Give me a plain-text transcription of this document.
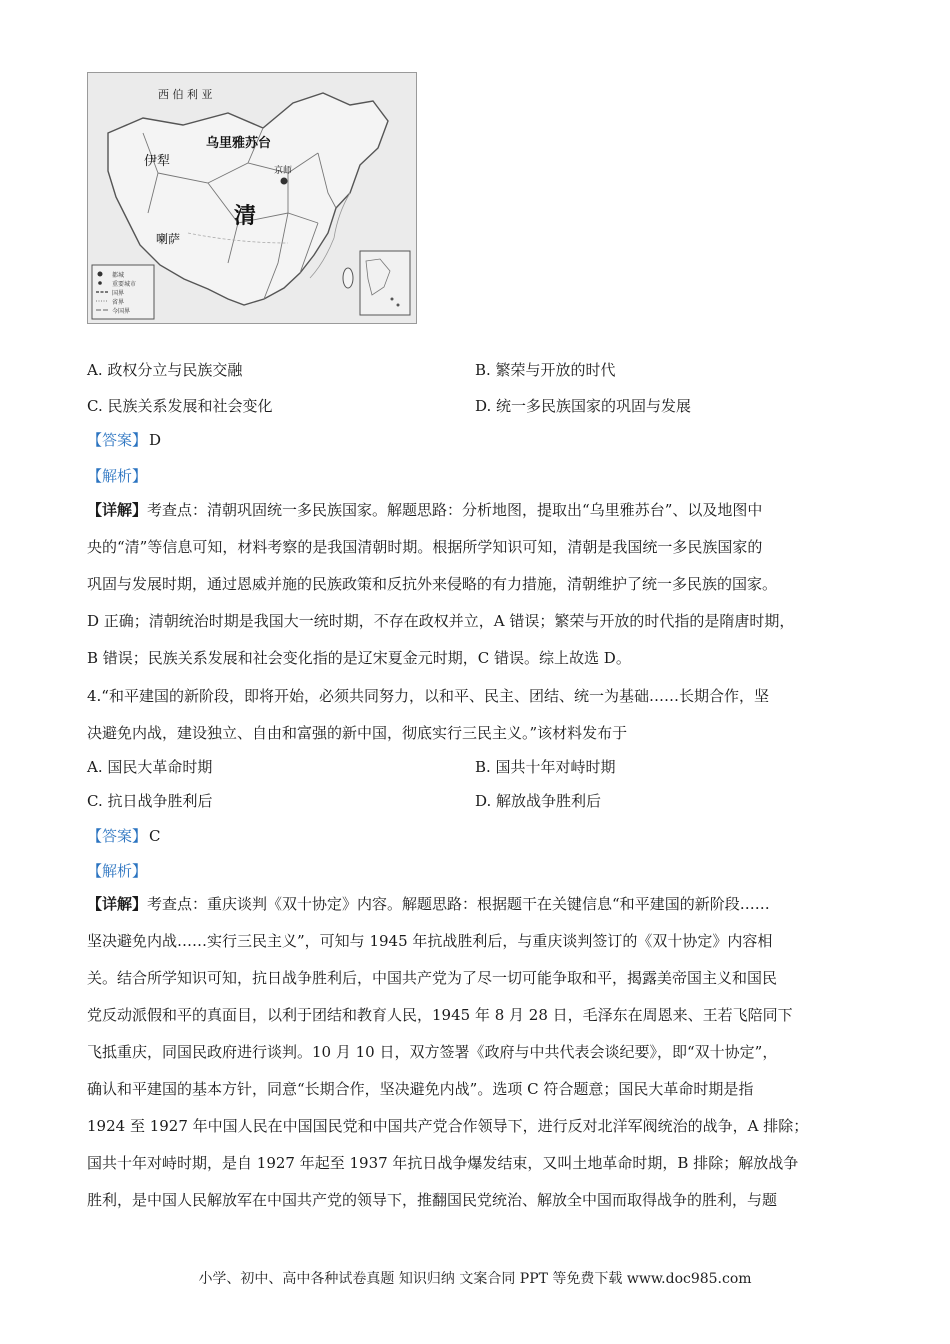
西 伯 利 亚
乌里雅苏台
伊犁
京师
清
喇萨
都城
重要城市
国界
省界
今国界
A. 政权分立与民族交融	B. 繁荣与开放的时代
C. 民族关系发展和社会变化	D. 统一多民族国家的巩固与发展
【答案】 D
【解析】
【详解】考查点：清朝巩固统一多民族国家。解题思路：分析地图，提取出“乌里雅苏台”、以及地图中
央的“清”等信息可知，材料考察的是我国清朝时期。根据所学知识可知，清朝是我国统一多民族国家的
巩固与发展时期，通过恩威并施的民族政策和反抗外来侵略的有力措施，清朝维护了统一多民族的国家。
D 正确；清朝统治时期是我国大一统时期，不存在政权并立，A 错误；繁荣与开放的时代指的是隋唐时期，
B 错误；民族关系发展和社会变化指的是辽宋夏金元时期，C 错误。综上故选 D。
4.“和平建国的新阶段，即将开始，必须共同努力，以和平、民主、团结、统一为基础……长期合作，坚
决避免内战，建设独立、自由和富强的新中国，彻底实行三民主义。”该材料发布于
A. 国民大革命时期	B. 国共十年对峙时期
C. 抗日战争胜利后	D. 解放战争胜利后
【答案】 C
【解析】
【详解】考查点：重庆谈判《双十协定》内容。解题思路：根据题干在关键信息“和平建国的新阶段……
坚决避免内战……实行三民主义”，可知与 1945 年抗战胜利后，与重庆谈判签订的《双十协定》内容相
关。结合所学知识可知，抗日战争胜利后，中国共产党为了尽一切可能争取和平，揭露美帝国主义和国民
党反动派假和平的真面目，以利于团结和教育人民，1945 年 8 月 28 日，毛泽东在周恩来、王若飞陪同下
飞抵重庆，同国民政府进行谈判。10 月 10 日，双方签署《政府与中共代表会谈纪要》，即“双十协定”，
确认和平建国的基本方针，同意“长期合作，坚决避免内战”。选项 C 符合题意；国民大革命时期是指
1924 至 1927 年中国人民在中国国民党和中国共产党合作领导下，进行反对北洋军阀统治的战争，A 排除；
国共十年对峙时期，是自 1927 年起至 1937 年抗日战争爆发结束，又叫土地革命时期，B 排除；解放战争
胜利，是中国人民解放军在中国共产党的领导下，推翻国民党统治、解放全中国而取得战争的胜利，与题
小学、初中、高中各种试卷真题 知识归纳 文案合同 PPT 等免费下载 www.doc985.com
